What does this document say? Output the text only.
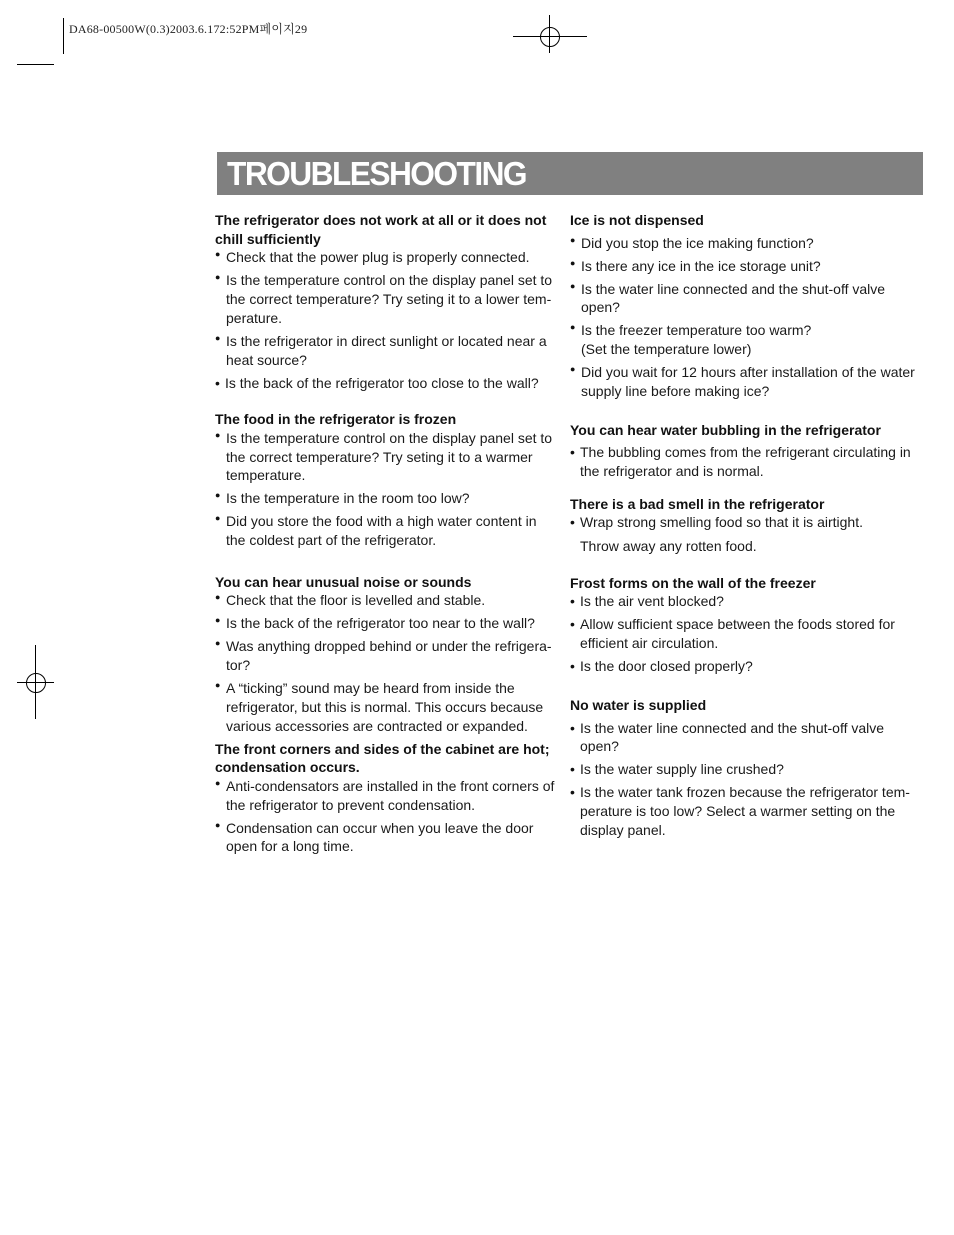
DA68-00500W(0.3)2003.6.172:52PM페이지29
TROUBLESHOOTING
The refrigerator does not work at all or it does not chill sufficiently
● Check that the power plug is properly connected.
● Is the temperature control on the display panel set to the correct temperature? Try seting it to a lower tem-perature.
● Is the refrigerator in direct sunlight or located near a heat source?
• Is the back of the refrigerator too close to the wall?
The food in the refrigerator is frozen
● Is the temperature control on the display panel set to the correct temperature? Try seting it to a warmer temperature.
● Is the temperature in the room too low?
● Did you store the food with a high water content in the coldest part of the refrigerator.
You can hear unusual noise or sounds
● Check that the floor is levelled and stable.
● Is the back of the refrigerator too near to the wall?
● Was anything dropped behind or under the refrigera-tor?
● A “ticking” sound may be heard from inside the refrigerator, but this is normal. This occurs because various accessories are contracted or expanded.
The front corners and sides of the cabinet are hot; condensation occurs.
● Anti-condensators are installed in the front corners of the refrigerator to prevent condensation.
● Condensation can occur when you leave the door open for a long time.
Ice is not dispensed
● Did you stop the ice making function?
● Is there any ice in the ice storage unit?
● Is the water line connected and the shut-off valve open?
● Is the freezer temperature too warm? (Set the temperature lower)
● Did you wait for 12 hours after installation of the water supply line before making ice?
You can hear water bubbling in the refrigerator
• The bubbling comes from the refrigerant circulating in the refrigerator and is normal.
There is a bad smell in the refrigerator
• Wrap strong smelling food so that it is airtight.
Throw away any rotten food.
Frost forms on the wall of the freezer
• Is the air vent blocked?
• Allow sufficient space between the foods stored for efficient air circulation.
• Is the door closed properly?
No water is supplied
• Is the water line connected and the shut-off valve open?
• Is the water supply line crushed?
• Is the water tank frozen because the refrigerator tem-perature is too low? Select a warmer setting on the display panel.
